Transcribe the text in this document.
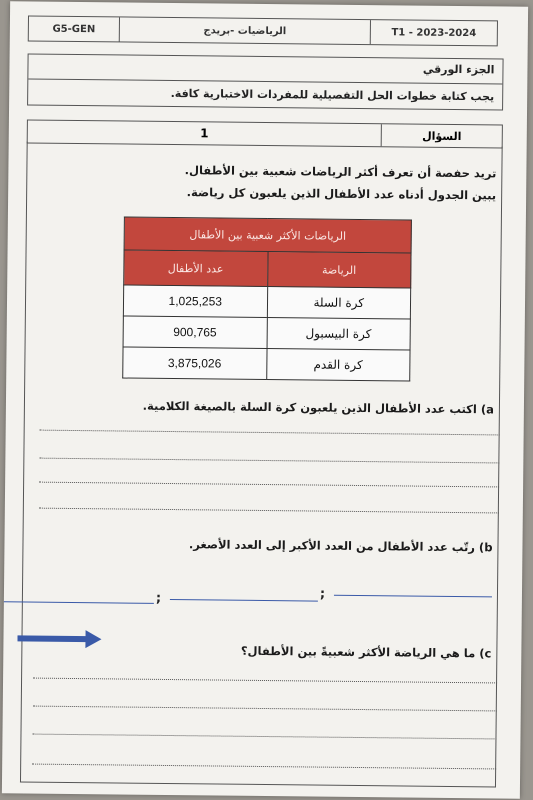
G5-GEN	الرياضيات -بريدج	T1 - 2023-2024
الجزء الورقي
يجب كتابة خطوات الحل التفصيلية للمفردات الاختبارية كافة.
السؤال
1
تريد حفصة أن تعرف أكثر الرياضات شعبية بين الأطفال.
يبين الجدول أدناه عدد الأطفال الذين يلعبون كل رياضة.
الرياضات الأكثر شعبية بين الأطفال	
الرياضة	عدد الأطفال
كرة السلة	1,025,253
كرة البيسبول	900,765
كرة القدم	3,875,026
a) اكتب عدد الأطفال الذين يلعبون كرة السلة بالصيغة الكلامية.
b) رتّب عدد الأطفال من العدد الأكبر إلى العدد الأصغر.
;	;
c) ما هي الرياضة الأكثر شعبيةً بين الأطفال؟
